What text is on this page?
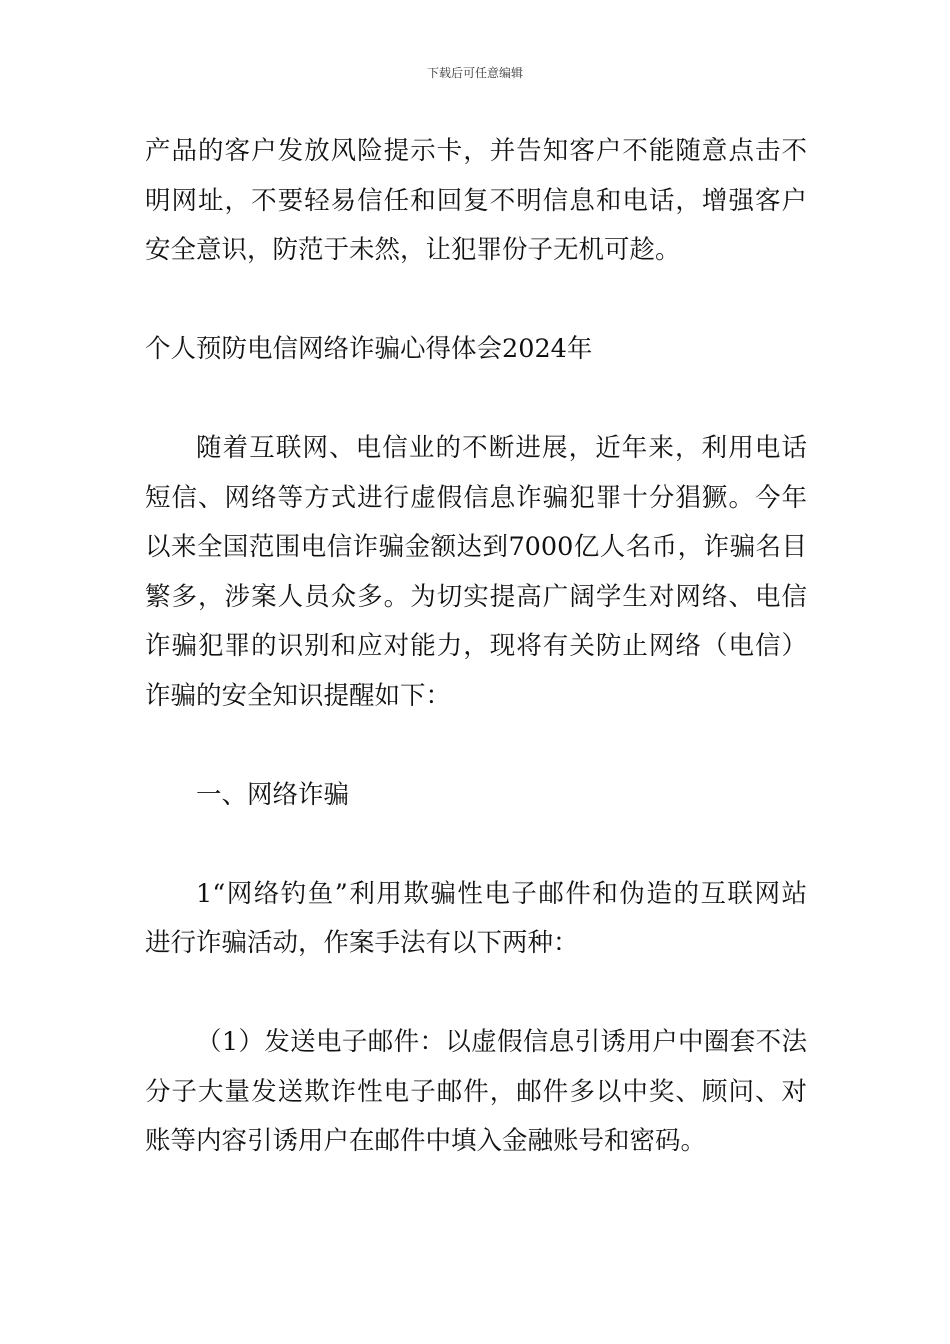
下载后可任意编辑
产品的客户发放风险提示卡，并告知客户不能随意点击不
明网址，不要轻易信任和回复不明信息和电话，增强客户
安全意识，防范于未然，让犯罪份子无机可趁。
个人预防电信网络诈骗心得体会2024年
随着互联网、电信业的不断进展，近年来，利用电话
短信、网络等方式进行虚假信息诈骗犯罪十分猖獗。今年
以来全国范围电信诈骗金额达到7000亿人名币，诈骗名目
繁多，涉案人员众多。为切实提高广阔学生对网络、电信
诈骗犯罪的识别和应对能力，现将有关防止网络（电信）
诈骗的安全知识提醒如下：
一、网络诈骗
1“网络钓鱼”利用欺骗性电子邮件和伪造的互联网站
进行诈骗活动，作案手法有以下两种：
（1）发送电子邮件：以虚假信息引诱用户中圈套不法
分子大量发送欺诈性电子邮件，邮件多以中奖、顾问、对
账等内容引诱用户在邮件中填入金融账号和密码。
